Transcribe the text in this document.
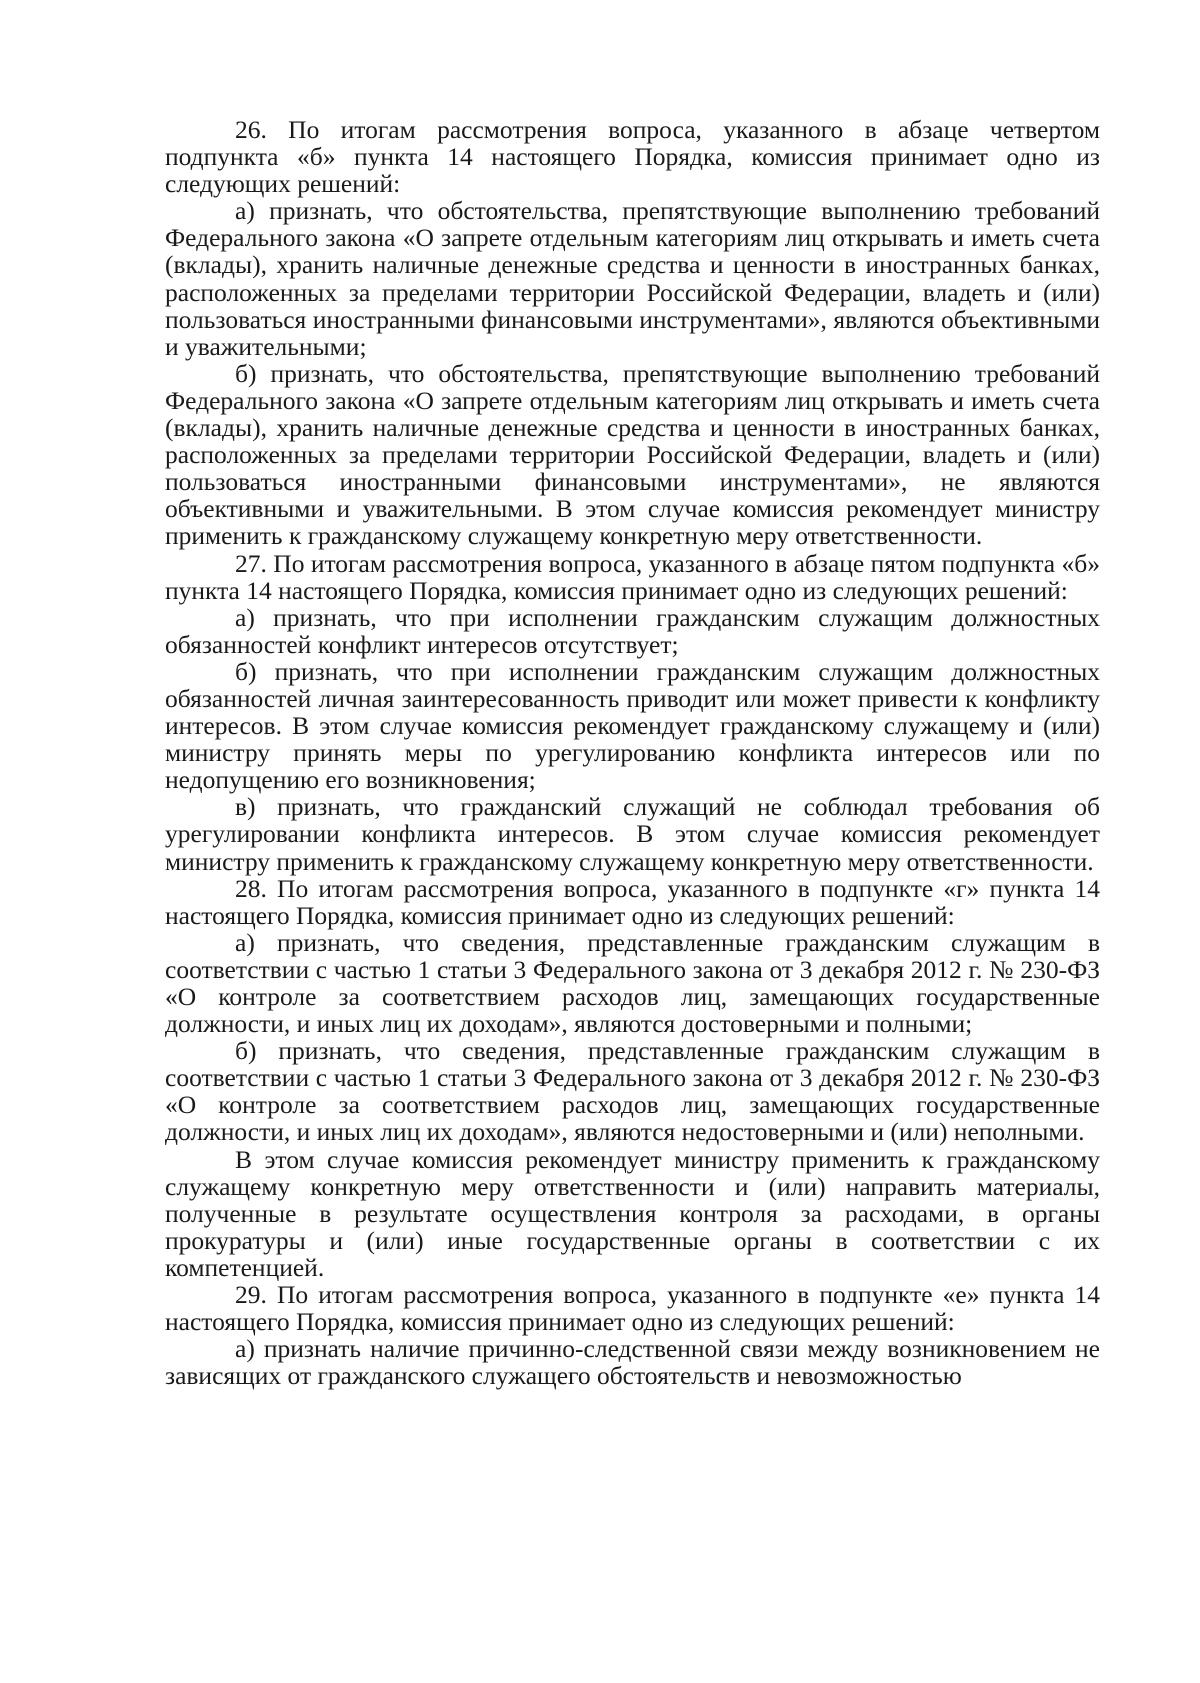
26. По итогам рассмотрения вопроса, указанного в абзаце четвертом подпункта «б» пункта 14 настоящего Порядка, комиссия принимает одно из следующих решений:

а) признать, что обстоятельства, препятствующие выполнению требований Федерального закона «О запрете отдельным категориям лиц открывать и иметь счета (вклады), хранить наличные денежные средства и ценности в иностранных банках, расположенных за пределами территории Российской Федерации, владеть и (или) пользоваться иностранными финансовыми инструментами», являются объективными и уважительными;

б) признать, что обстоятельства, препятствующие выполнению требований Федерального закона «О запрете отдельным категориям лиц открывать и иметь счета (вклады), хранить наличные денежные средства и ценности в иностранных банках, расположенных за пределами территории Российской Федерации, владеть и (или) пользоваться иностранными финансовыми инструментами», не являются объективными и уважительными. В этом случае комиссия рекомендует министру применить к гражданскому служащему конкретную меру ответственности.

27. По итогам рассмотрения вопроса, указанного в абзаце пятом подпункта «б» пункта 14 настоящего Порядка, комиссия принимает одно из следующих решений:

а) признать, что при исполнении гражданским служащим должностных обязанностей конфликт интересов отсутствует;

б) признать, что при исполнении гражданским служащим должностных обязанностей личная заинтересованность приводит или может привести к конфликту интересов. В этом случае комиссия рекомендует гражданскому служащему и (или) министру принять меры по урегулированию конфликта интересов или по недопущению его возникновения;

в) признать, что гражданский служащий не соблюдал требования об урегулировании конфликта интересов. В этом случае комиссия рекомендует министру применить к гражданскому служащему конкретную меру ответственности.

28. По итогам рассмотрения вопроса, указанного в подпункте «г» пункта 14 настоящего Порядка, комиссия принимает одно из следующих решений:

а) признать, что сведения, представленные гражданским служащим в соответствии с частью 1 статьи 3 Федерального закона от 3 декабря 2012 г. № 230-ФЗ «О контроле за соответствием расходов лиц, замещающих государственные должности, и иных лиц их доходам», являются достоверными и полными;

б) признать, что сведения, представленные гражданским служащим в соответствии с частью 1 статьи 3 Федерального закона от 3 декабря 2012 г. № 230-ФЗ «О контроле за соответствием расходов лиц, замещающих государственные должности, и иных лиц их доходам», являются недостоверными и (или) неполными.

В этом случае комиссия рекомендует министру применить к гражданскому служащему конкретную меру ответственности и (или) направить материалы, полученные в результате осуществления контроля за расходами, в органы прокуратуры и (или) иные государственные органы в соответствии с их компетенцией.

29. По итогам рассмотрения вопроса, указанного в подпункте «е» пункта 14 настоящего Порядка, комиссия принимает одно из следующих решений:

а) признать наличие причинно-следственной связи между возникновением не зависящих от гражданского служащего обстоятельств и невозможностью
